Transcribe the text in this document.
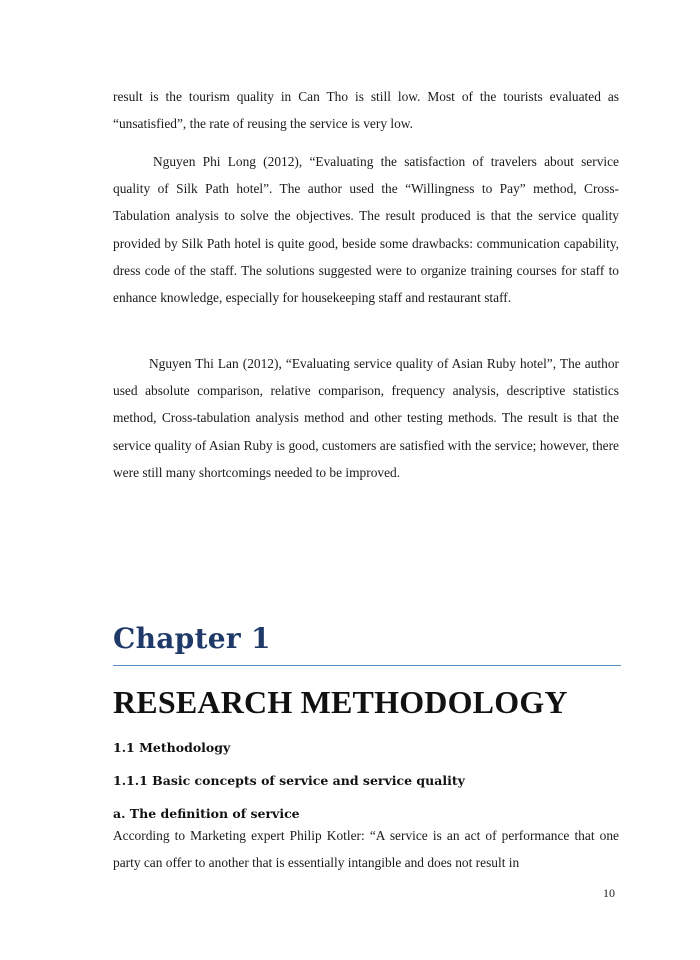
result is the tourism quality in Can Tho is still low. Most of the tourists evaluated as “unsatisfied”, the rate of reusing the service is very low.

Nguyen Phi Long (2012), “Evaluating the satisfaction of travelers about service quality of Silk Path hotel”. The author used the “Willingness to Pay” method, Cross-Tabulation analysis to solve the objectives. The result produced is that the service quality provided by Silk Path hotel is quite good, beside some drawbacks: communication capability, dress code of the staff. The solutions suggested were to organize training courses for staff to enhance knowledge, especially for housekeeping staff and restaurant staff.

Nguyen Thi Lan (2012), “Evaluating service quality of Asian Ruby hotel”, The author used absolute comparison, relative comparison, frequency analysis, descriptive statistics method, Cross-tabulation analysis method and other testing methods. The result is that the service quality of Asian Ruby is good, customers are satisfied with the service; however, there were still many shortcomings needed to be improved.

Chapter 1
RESEARCH METHODOLOGY
1.1 Methodology
1.1.1 Basic concepts of service and service quality
a. The definition of service

According to Marketing expert Philip Kotler: “A service is an act of performance that one party can offer to another that is essentially intangible and does not result in

10
